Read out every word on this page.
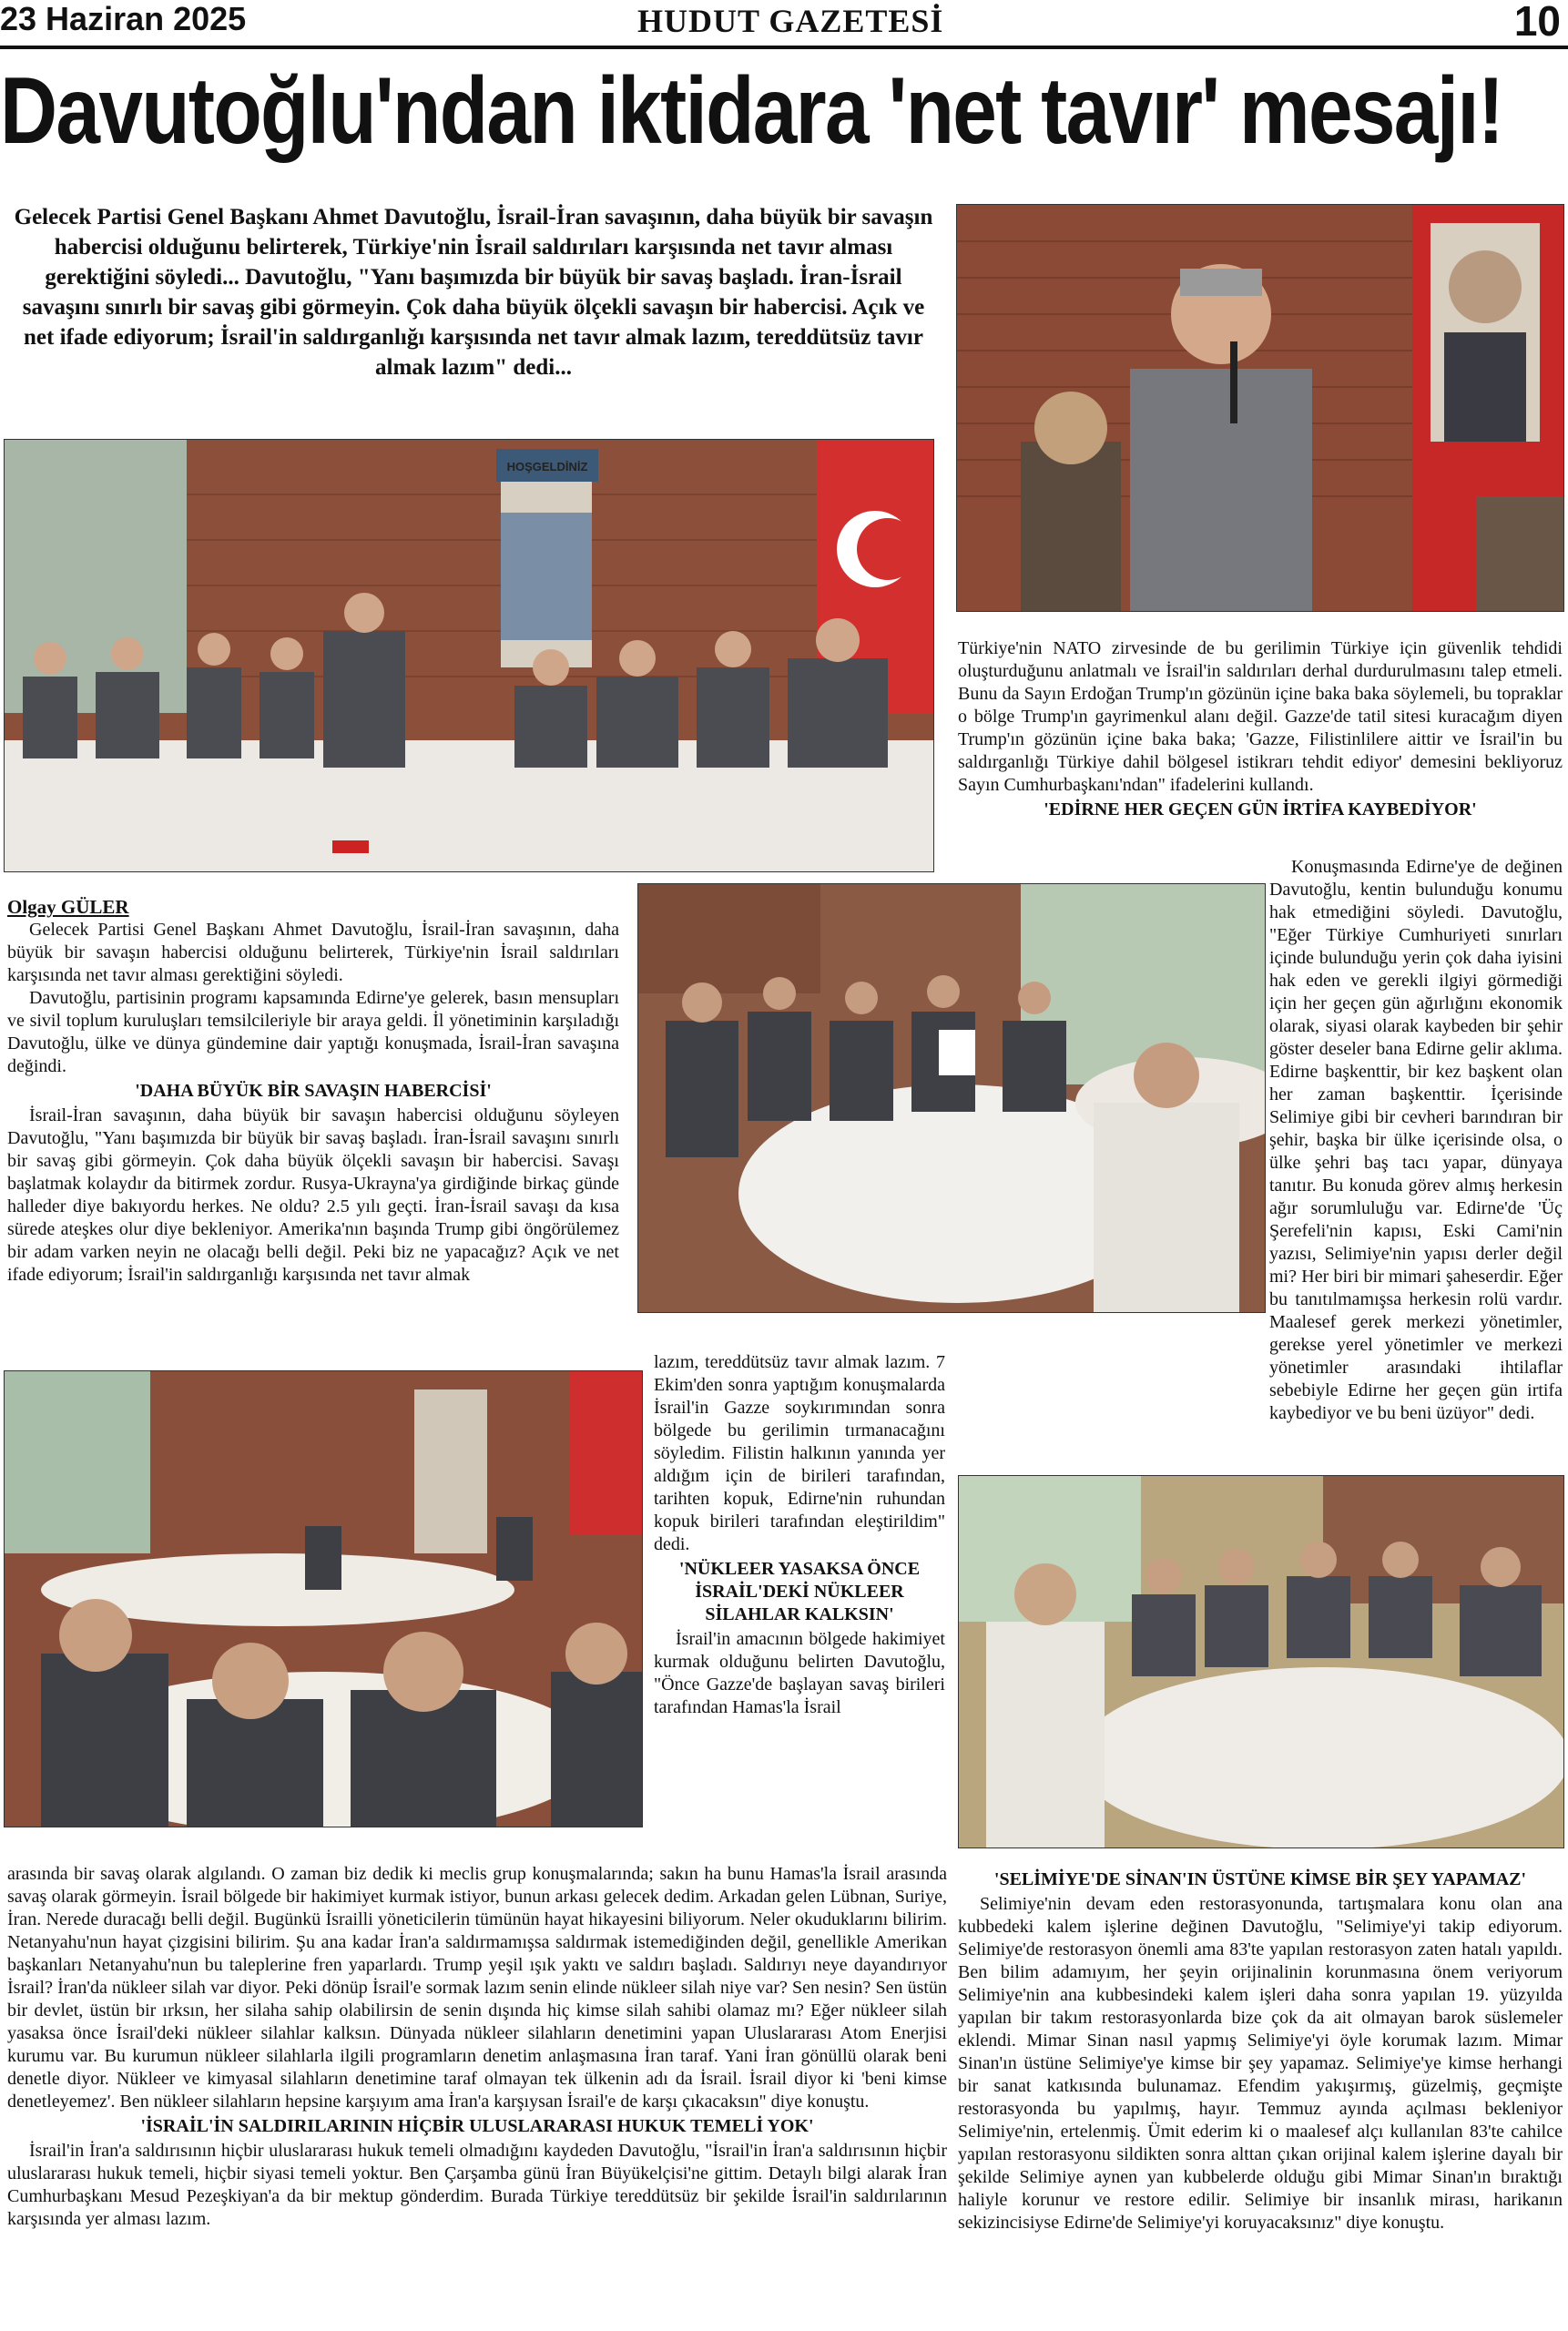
23 Haziran 2025	HUDUT GAZETESİ	10
Davutoğlu'ndan iktidara 'net tavır' mesajı!
Gelecek Partisi Genel Başkanı Ahmet Davutoğlu, İsrail-İran savaşının, daha büyük bir savaşın habercisi olduğunu belirterek, Türkiye'nin İsrail saldırıları karşısında net tavır alması gerektiğini söyledi... Davutoğlu, "Yanı başımızda bir büyük bir savaş başladı. İran-İsrail savaşını sınırlı bir savaş gibi görmeyin. Çok daha büyük ölçekli savaşın bir habercisi. Açık ve net ifade ediyorum; İsrail'in saldırganlığı karşısında net tavır almak lazım, tereddütsüz tavır almak lazım" dedi...
HOŞGELDİNİZ

Olgay GÜLER

Gelecek Partisi Genel Başkanı Ahmet Davutoğlu, İsrail-İran savaşının, daha büyük bir savaşın habercisi olduğunu belirterek, Türkiye'nin İsrail saldırıları karşısında net tavır alması gerektiğini söyledi.

Davutoğlu, partisinin programı kapsamında Edirne'ye gelerek, basın mensupları ve sivil toplum kuruluşları temsilcileriyle bir araya geldi. İl yönetiminin karşıladığı Davutoğlu, ülke ve dünya gündemine dair yaptığı konuşmada, İsrail-İran savaşına değindi.

'DAHA BÜYÜK BİR SAVAŞIN HABERCİSİ'

İsrail-İran savaşının, daha büyük bir savaşın habercisi olduğunu söyleyen Davutoğlu, "Yanı başımızda bir büyük bir savaş başladı. İran-İsrail savaşını sınırlı bir savaş gibi görmeyin. Çok daha büyük ölçekli savaşın bir habercisi. Savaşı başlatmak kolaydır da bitirmek zordur. Rusya-Ukrayna'ya girdiğinde birkaç günde halleder diye bakıyordu herkes. Ne oldu? 2.5 yılı geçti. İran-İsrail savaşı da kısa sürede ateşkes olur diye bekleniyor. Amerika'nın başında Trump gibi öngörülemez bir adam varken neyin ne olacağı belli değil. Peki biz ne yapacağız? Açık ve net ifade ediyorum; İsrail'in saldırganlığı karşısında net tavır almak

lazım, tereddütsüz tavır almak lazım. 7 Ekim'den sonra yaptığım konuşmalarda İsrail'in Gazze soykırımından sonra bölgede bu gerilimin tırmanacağını söyledim. Filistin halkının yanında yer aldığım için de birileri tarafından, tarihten kopuk, Edirne'nin ruhundan kopuk birileri tarafından eleştirildim" dedi.

'NÜKLEER YASAKSA ÖNCE İSRAİL'DEKİ NÜKLEER SİLAHLAR KALKSIN'

İsrail'in amacının bölgede hakimiyet kurmak olduğunu belirten Davutoğlu, "Önce Gazze'de başlayan savaş birileri tarafından Hamas'la İsrail

arasında bir savaş olarak algılandı. O zaman biz dedik ki meclis grup konuşmalarında; sakın ha bunu Hamas'la İsrail arasında savaş olarak görmeyin. İsrail bölgede bir hakimiyet kurmak istiyor, bunun arkası gelecek dedim. Arkadan gelen Lübnan, Suriye, İran. Nerede duracağı belli değil. Bugünkü İsrailli yöneticilerin tümünün hayat hikayesini biliyorum. Neler okuduklarını bilirim. Netanyahu'nun hayat çizgisini bilirim. Şu ana kadar İran'a saldırmamışsa saldırmak istemediğinden değil, genellikle Amerikan başkanları Netanyahu'nun bu taleplerine fren yaparlardı. Trump yeşil ışık yaktı ve saldırı başladı. Saldırıyı neye dayandırıyor İsrail? İran'da nükleer silah var diyor. Peki dönüp İsrail'e sormak lazım senin elinde nükleer silah niye var? Sen nesin? Sen üstün bir devlet, üstün bir ırksın, her silaha sahip olabilirsin de senin dışında hiç kimse silah sahibi olamaz mı? Eğer nükleer silah yasaksa önce İsrail'deki nükleer silahlar kalksın. Dünyada nükleer silahların denetimini yapan Uluslararası Atom Enerjisi kurumu var. Bu kurumun nükleer silahlarla ilgili programların denetim anlaşmasına İran taraf. Yani İran gönüllü olarak beni denetle diyor. Nükleer ve kimyasal silahların denetimine taraf olmayan tek ülkenin adı da İsrail. İsrail diyor ki 'beni kimse denetleyemez'. Ben nükleer silahların hepsine karşıyım ama İran'a karşıysan İsrail'e de karşı çıkacaksın" diye konuştu.

'İSRAİL'İN SALDIRILARININ HİÇBİR ULUSLARARASI HUKUK TEMELİ YOK'

İsrail'in İran'a saldırısının hiçbir uluslararası hukuk temeli olmadığını kaydeden Davutoğlu, "İsrail'in İran'a saldırısının hiçbir uluslararası hukuk temeli, hiçbir siyasi temeli yoktur. Ben Çarşamba günü İran Büyükelçisi'ne gittim. Detaylı bilgi alarak İran Cumhurbaşkanı Mesud Pezeşkiyan'a da bir mektup gönderdim. Burada Türkiye tereddütsüz bir şekilde İsrail'in saldırılarının karşısında yer alması lazım.

Türkiye'nin NATO zirvesinde de bu gerilimin Türkiye için güvenlik tehdidi oluşturduğunu anlatmalı ve İsrail'in saldırıları derhal durdurulmasını talep etmeli. Bunu da Sayın Erdoğan Trump'ın gözünün içine baka baka söylemeli, bu topraklar o bölge Trump'ın gayrimenkul alanı değil. Gazze'de tatil sitesi kuracağım diyen Trump'ın gözünün içine baka baka; 'Gazze, Filistinlilere aittir ve İsrail'in bu saldırganlığı Türkiye dahil bölgesel istikrarı tehdit ediyor' demesini bekliyoruz Sayın Cumhurbaşkanı'ndan" ifadelerini kullandı.

'EDİRNE HER GEÇEN GÜN İRTİFA KAYBEDİYOR'

Konuşmasında Edirne'ye de değinen Davutoğlu, kentin bulunduğu konumu hak etmediğini söyledi. Davutoğlu, "Eğer Türkiye Cumhuriyeti sınırları içinde bulunduğu yerin çok daha iyisini hak eden ve gerekli ilgiyi görmediği için her geçen gün ağırlığını ekonomik olarak, siyasi olarak kaybeden bir şehir göster deseler bana Edirne gelir aklıma. Edirne başkenttir, bir kez başkent olan her zaman başkenttir. İçerisinde Selimiye gibi bir cevheri barındıran bir şehir, başka bir ülke içerisinde olsa, o ülke şehri baş tacı yapar, dünyaya tanıtır. Bu konuda görev almış herkesin ağır sorumluluğu var. Edirne'de 'Üç Şerefeli'nin kapısı, Eski Cami'nin yazısı, Selimiye'nin yapısı derler değil mi? Her biri bir mimari şaheserdir. Eğer bu tanıtılmamışsa herkesin rolü vardır. Maalesef gerek merkezi yönetimler, gerekse yerel yönetimler ve merkezi yönetimler arasındaki ihtilaflar sebebiyle Edirne her geçen gün irtifa kaybediyor ve bu beni üzüyor" dedi.

'SELİMİYE'DE SİNAN'IN ÜSTÜNE KİMSE BİR ŞEY YAPAMAZ'

Selimiye'nin devam eden restorasyonunda, tartışmalara konu olan ana kubbedeki kalem işlerine değinen Davutoğlu, "Selimiye'yi takip ediyorum. Selimiye'de restorasyon önemli ama 83'te yapılan restorasyon zaten hatalı yapıldı. Ben bilim adamıyım, her şeyin orijinalinin korunmasına önem veriyorum Selimiye'nin ana kubbesindeki kalem işleri daha sonra yapılan 19. yüzyılda yapılan bir takım restorasyonlarda bize çok da ait olmayan barok süslemeler eklendi. Mimar Sinan nasıl yapmış Selimiye'yi öyle korumak lazım. Mimar Sinan'ın üstüne Selimiye'ye kimse bir şey yapamaz. Selimiye'ye kimse herhangi bir sanat katkısında bulunamaz. Efendim yakışırmış, güzelmiş, geçmişte restorasyonda bu yapılmış, hayır. Temmuz ayında açılması bekleniyor Selimiye'nin, ertelenmiş. Ümit ederim ki o maalesef alçı kullanılan 83'te cahilce yapılan restorasyonu sildikten sonra alttan çıkan orijinal kalem işlerine dayalı bir şekilde Selimiye aynen yan kubbelerde olduğu gibi Mimar Sinan'ın bıraktığı haliyle korunur ve restore edilir. Selimiye bir insanlık mirası, harikanın sekizincisiyse Edirne'de Selimiye'yi koruyacaksınız" diye konuştu.
